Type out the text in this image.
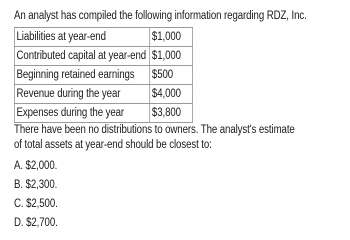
An analyst has compiled the following information regarding RDZ, Inc.

Liabilities at year-end	$1,000
Contributed capital at year-end	$1,000
Beginning retained earnings	$500
Revenue during the year	$4,000
Expenses during the year	$3,800

There have been no distributions to owners. The analyst's estimate of total assets at year-end should be closest to:

A. $2,000.
B. $2,300.
C. $2,500.
D. $2,700.
